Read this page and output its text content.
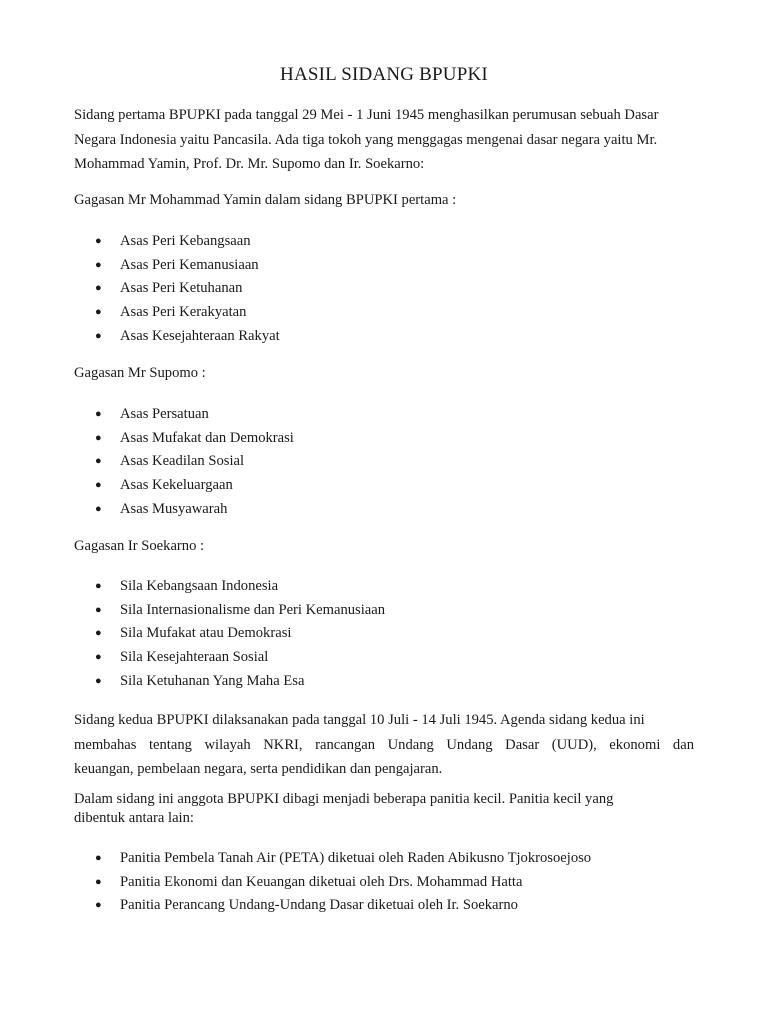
HASIL SIDANG BPUPKI

Sidang pertama BPUPKI pada tanggal 29 Mei - 1 Juni 1945 menghasilkan perumusan sebuah Dasar
Negara Indonesia yaitu Pancasila. Ada tiga tokoh yang menggagas mengenai dasar negara yaitu Mr.
Mohammad Yamin, Prof. Dr. Mr. Supomo dan Ir. Soekarno:

Gagasan Mr Mohammad Yamin dalam sidang BPUPKI pertama :

● Asas Peri Kebangsaan
● Asas Peri Kemanusiaan
● Asas Peri Ketuhanan
● Asas Peri Kerakyatan
● Asas Kesejahteraan Rakyat

Gagasan Mr Supomo :

● Asas Persatuan
● Asas Mufakat dan Demokrasi
● Asas Keadilan Sosial
● Asas Kekeluargaan
● Asas Musyawarah

Gagasan Ir Soekarno :

● Sila Kebangsaan Indonesia
● Sila Internasionalisme dan Peri Kemanusiaan
● Sila Mufakat atau Demokrasi
● Sila Kesejahteraan Sosial
● Sila Ketuhanan Yang Maha Esa

Sidang kedua BPUPKI dilaksanakan pada tanggal 10 Juli - 14 Juli 1945. Agenda sidang kedua ini
membahas tentang wilayah NKRI, rancangan Undang Undang Dasar (UUD), ekonomi dan
keuangan, pembelaan negara, serta pendidikan dan pengajaran.

Dalam sidang ini anggota BPUPKI dibagi menjadi beberapa panitia kecil. Panitia kecil yang
dibentuk antara lain:

● Panitia Pembela Tanah Air (PETA) diketuai oleh Raden Abikusno Tjokrosoejoso
● Panitia Ekonomi dan Keuangan diketuai oleh Drs. Mohammad Hatta
● Panitia Perancang Undang-Undang Dasar diketuai oleh Ir. Soekarno
